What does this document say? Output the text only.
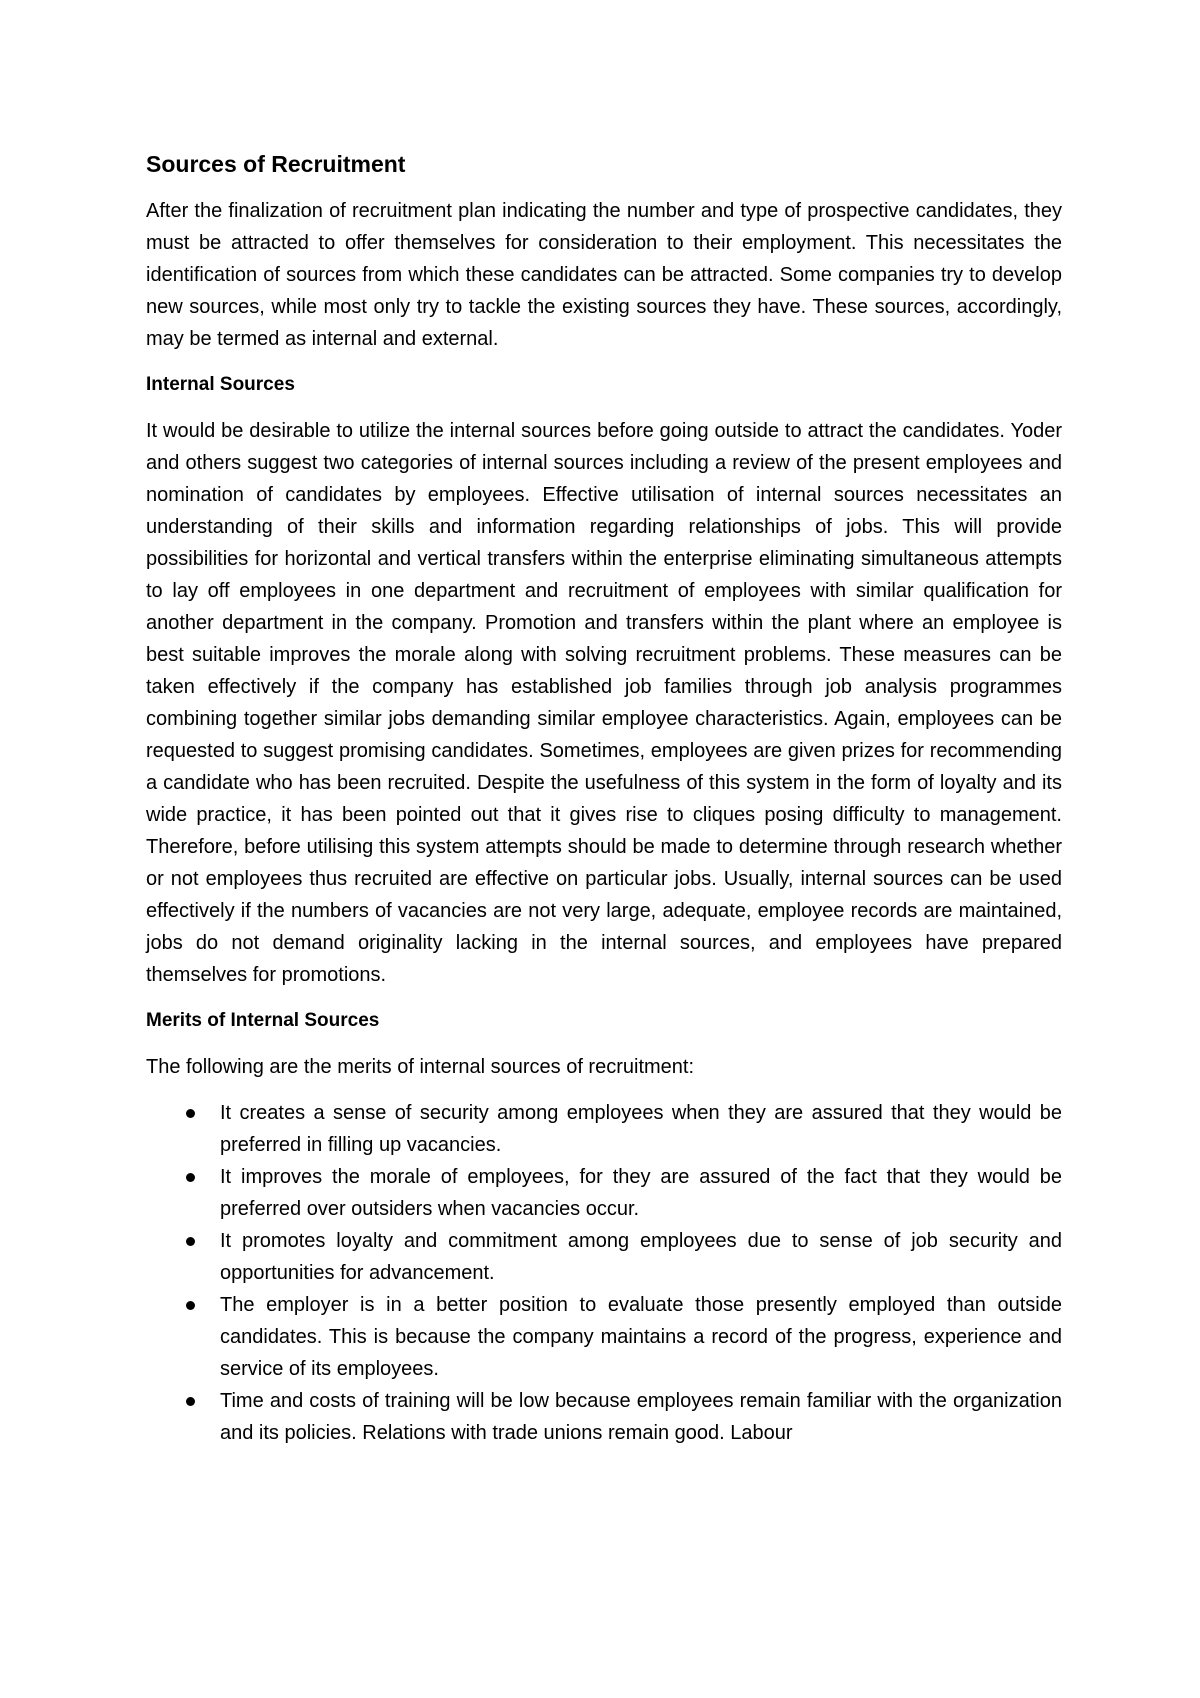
Sources of Recruitment

After the finalization of recruitment plan indicating the number and type of prospective candidates, they must be attracted to offer themselves for consideration to their employment. This necessitates the identification of sources from which these candidates can be attracted. Some companies try to develop new sources, while most only try to tackle the existing sources they have. These sources, accordingly, may be termed as internal and external.

Internal Sources

It would be desirable to utilize the internal sources before going outside to attract the candidates. Yoder and others suggest two categories of internal sources including a review of the present employees and nomination of candidates by employees. Effective utilisation of internal sources necessitates an understanding of their skills and information regarding relationships of jobs. This will provide possibilities for horizontal and vertical transfers within the enterprise eliminating simultaneous attempts to lay off employees in one department and recruitment of employees with similar qualification for another department in the company. Promotion and transfers within the plant where an employee is best suitable improves the morale along with solving recruitment problems. These measures can be taken effectively if the company has established job families through job analysis programmes combining together similar jobs demanding similar employee characteristics. Again, employees can be requested to suggest promising candidates. Sometimes, employees are given prizes for recommending a candidate who has been recruited. Despite the usefulness of this system in the form of loyalty and its wide practice, it has been pointed out that it gives rise to cliques posing difficulty to management. Therefore, before utilising this system attempts should be made to determine through research whether or not employees thus recruited are effective on particular jobs. Usually, internal sources can be used effectively if the numbers of vacancies are not very large, adequate, employee records are maintained, jobs do not demand originality lacking in the internal sources, and employees have prepared themselves for promotions.

Merits of Internal Sources

The following are the merits of internal sources of recruitment:

It creates a sense of security among employees when they are assured that they would be preferred in filling up vacancies.
It improves the morale of employees, for they are assured of the fact that they would be preferred over outsiders when vacancies occur.
It promotes loyalty and commitment among employees due to sense of job security and opportunities for advancement.
The employer is in a better position to evaluate those presently employed than outside candidates. This is because the company maintains a record of the progress, experience and service of its employees.
Time and costs of training will be low because employees remain familiar with the organization and its policies. Relations with trade unions remain good. Labour
